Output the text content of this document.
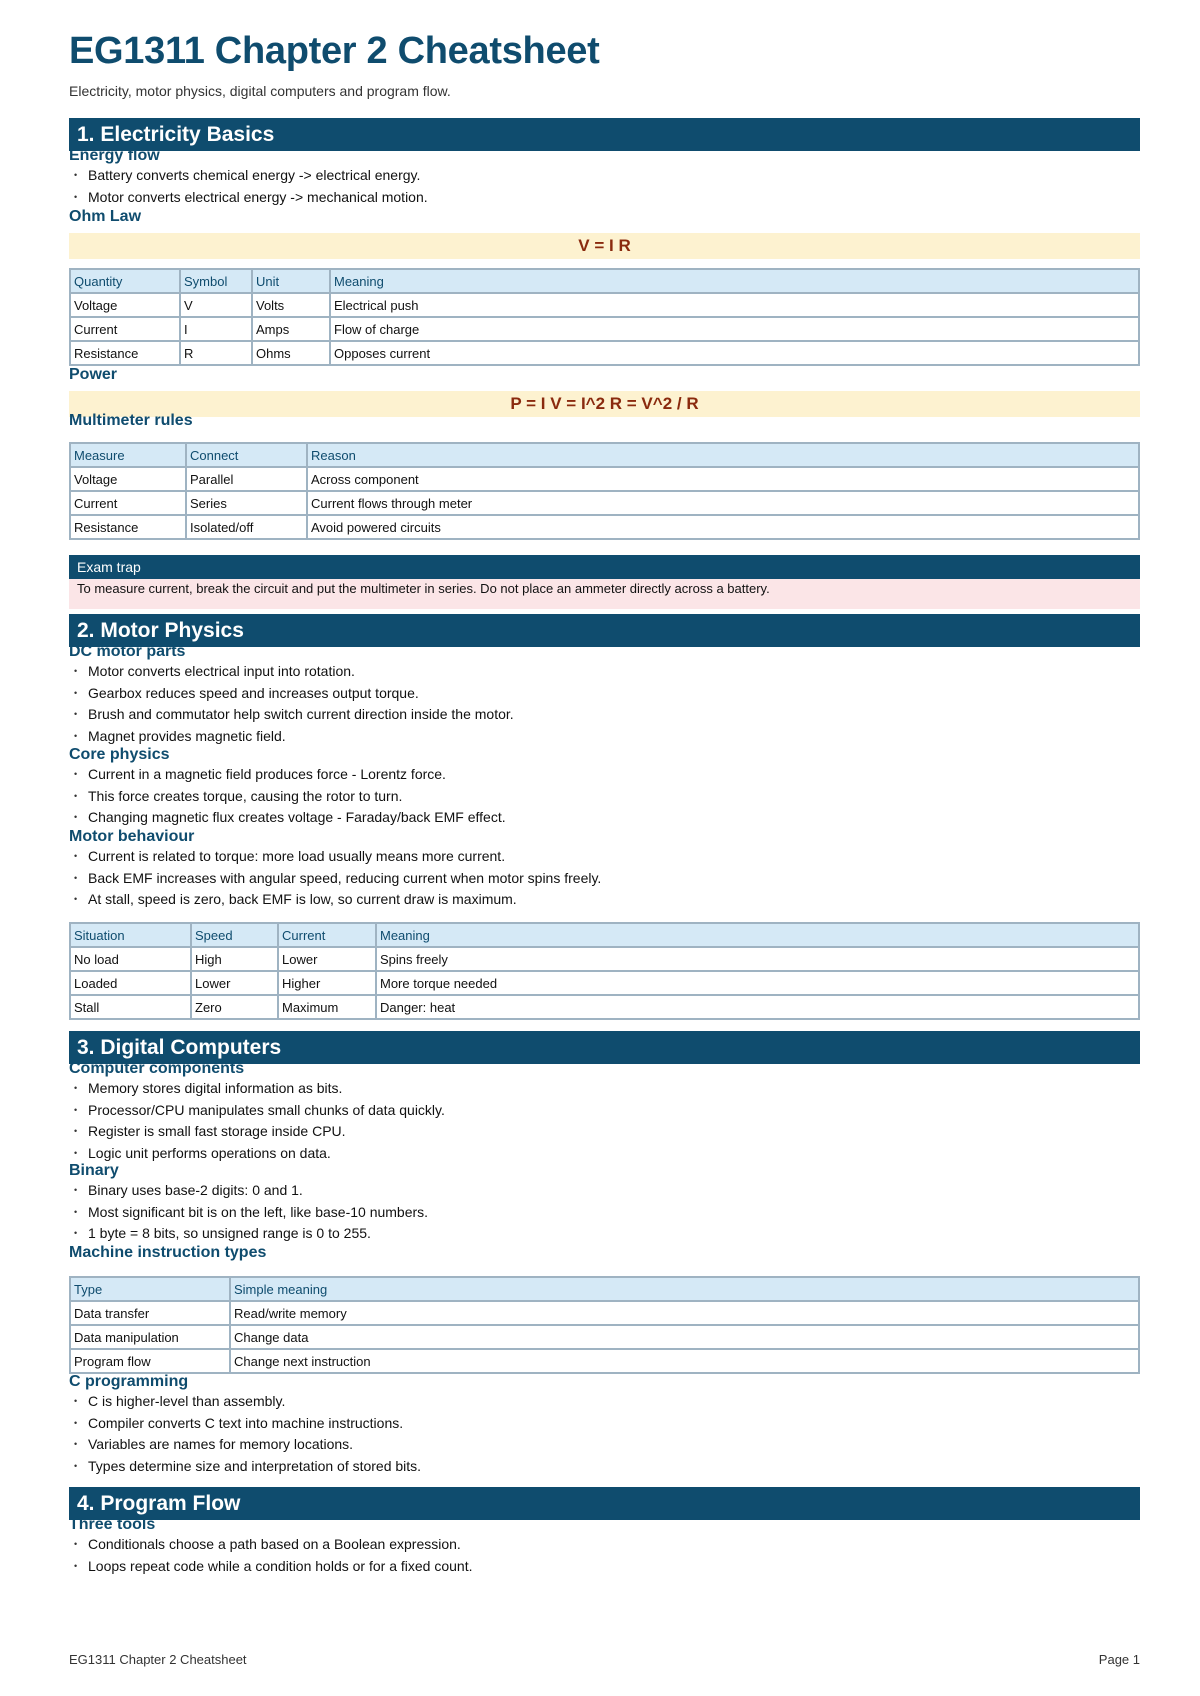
EG1311 Chapter 2 Cheatsheet
Electricity, motor physics, digital computers and program flow.
1. Electricity Basics
Energy flow
• Battery converts chemical energy -> electrical energy.
• Motor converts electrical energy -> mechanical motion.
Ohm Law
V = I R
Quantity	Symbol	Unit	Meaning
Voltage	V	Volts	Electrical push
Current	I	Amps	Flow of charge
Resistance	R	Ohms	Opposes current
Power
P = I V = I^2 R = V^2 / R
Multimeter rules
Measure	Connect	Reason
Voltage	Parallel	Across component
Current	Series	Current flows through meter
Resistance	Isolated/off	Avoid powered circuits
Exam trap
To measure current, break the circuit and put the multimeter in series. Do not place an ammeter directly across a battery.
2. Motor Physics
DC motor parts
• Motor converts electrical input into rotation.
• Gearbox reduces speed and increases output torque.
• Brush and commutator help switch current direction inside the motor.
• Magnet provides magnetic field.
Core physics
• Current in a magnetic field produces force - Lorentz force.
• This force creates torque, causing the rotor to turn.
• Changing magnetic flux creates voltage - Faraday/back EMF effect.
Motor behaviour
• Current is related to torque: more load usually means more current.
• Back EMF increases with angular speed, reducing current when motor spins freely.
• At stall, speed is zero, back EMF is low, so current draw is maximum.
Situation	Speed	Current	Meaning
No load	High	Lower	Spins freely
Loaded	Lower	Higher	More torque needed
Stall	Zero	Maximum	Danger: heat
3. Digital Computers
Computer components
• Memory stores digital information as bits.
• Processor/CPU manipulates small chunks of data quickly.
• Register is small fast storage inside CPU.
• Logic unit performs operations on data.
Binary
• Binary uses base-2 digits: 0 and 1.
• Most significant bit is on the left, like base-10 numbers.
• 1 byte = 8 bits, so unsigned range is 0 to 255.
Machine instruction types
Type	Simple meaning
Data transfer	Read/write memory
Data manipulation	Change data
Program flow	Change next instruction
C programming
• C is higher-level than assembly.
• Compiler converts C text into machine instructions.
• Variables are names for memory locations.
• Types determine size and interpretation of stored bits.
4. Program Flow
Three tools
• Conditionals choose a path based on a Boolean expression.
• Loops repeat code while a condition holds or for a fixed count.
EG1311 Chapter 2 Cheatsheet	Page 1
